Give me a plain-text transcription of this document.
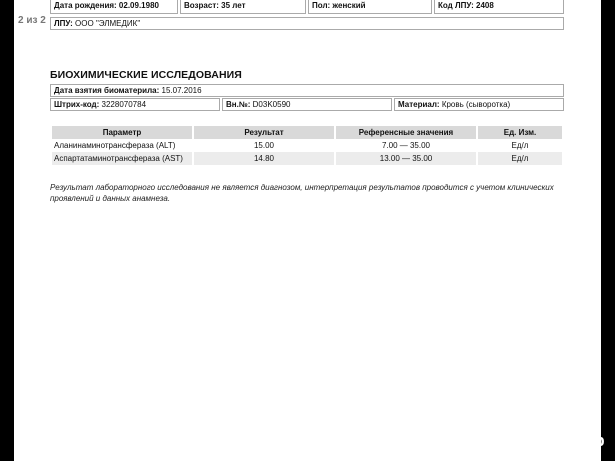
2 из 2
Дата рождения: 02.09.1980	Возраст: 35 лет	Пол: женский	Код ЛПУ: 2408
ЛПУ: ООО "ЭЛМЕДИК"
БИОХИМИЧЕСКИЕ ИССЛЕДОВАНИЯ
Дата взятия биоматерила: 15.07.2016
Штрих-код: 3228070784	Вн.№: D03K0590	Материал: Кровь (сыворотка)
Параметр	Результат	Референсные значения	Ед. Изм.
Аланинаминотрансфераза (ALT)	15.00	7.00 — 35.00	Ед/л
Аспартатаминотрансфераза (AST)	14.80	13.00 — 35.00	Ед/л
Результат лабораторного исследования не является диагнозом, интерпретация результатов проводится с учетом клинических проявлений и данных анамнеза.
@MinimaApp
